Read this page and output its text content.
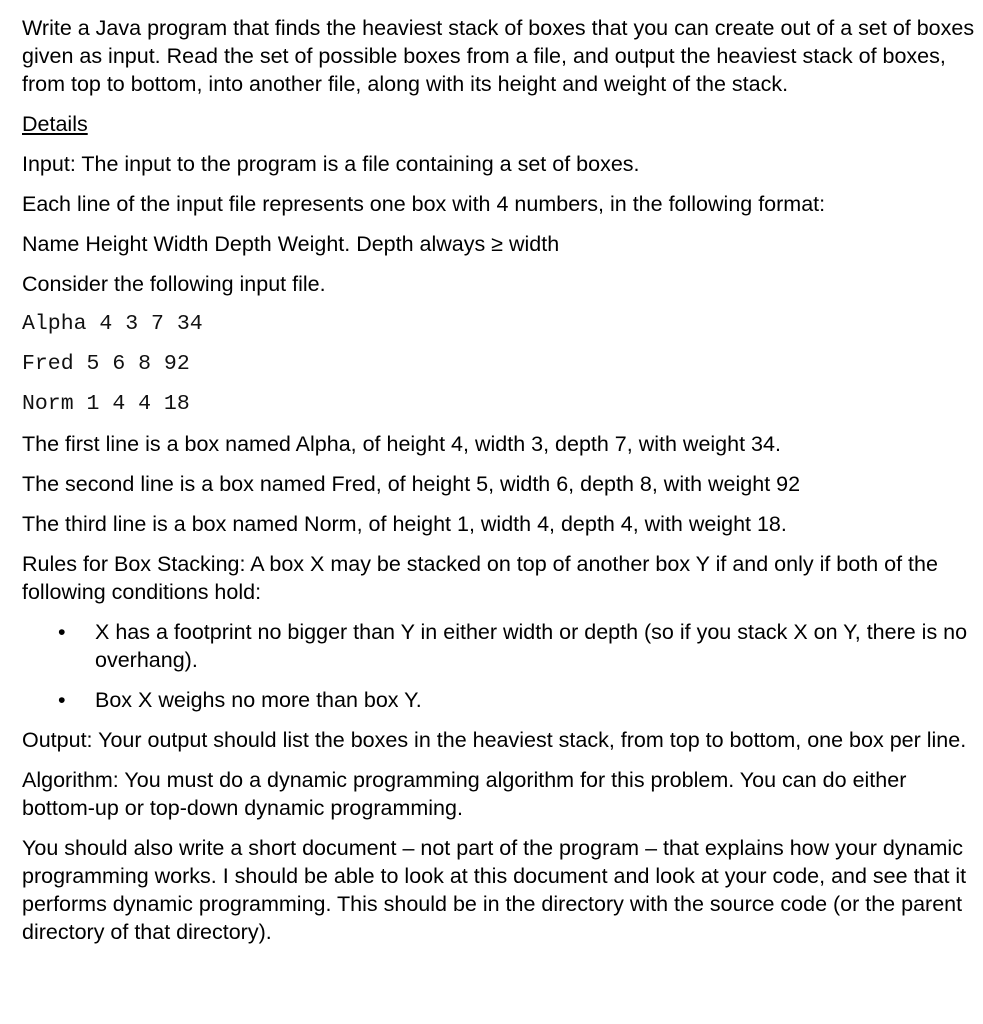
Write a Java program that finds the heaviest stack of boxes that you can create out of a set of boxes given as input. Read the set of possible boxes from a file, and output the heaviest stack of boxes, from top to bottom, into another file, along with its height and weight of the stack.

Details

Input: The input to the program is a file containing a set of boxes.

Each line of the input file represents one box with 4 numbers, in the following format:

Name Height Width Depth Weight. Depth always ≥ width

Consider the following input file.

Alpha 4 3 7 34
Fred 5 6 8 92
Norm 1 4 4 18

The first line is a box named Alpha, of height 4, width 3, depth 7, with weight 34.

The second line is a box named Fred, of height 5, width 6, depth 8, with weight 92

The third line is a box named Norm, of height 1, width 4, depth 4, with weight 18.

Rules for Box Stacking: A box X may be stacked on top of another box Y if and only if both of the following conditions hold:

• X has a footprint no bigger than Y in either width or depth (so if you stack X on Y, there is no overhang).
• Box X weighs no more than box Y.

Output: Your output should list the boxes in the heaviest stack, from top to bottom, one box per line.

Algorithm: You must do a dynamic programming algorithm for this problem. You can do either bottom-up or top-down dynamic programming.

You should also write a short document – not part of the program – that explains how your dynamic programming works. I should be able to look at this document and look at your code, and see that it performs dynamic programming. This should be in the directory with the source code (or the parent directory of that directory).
